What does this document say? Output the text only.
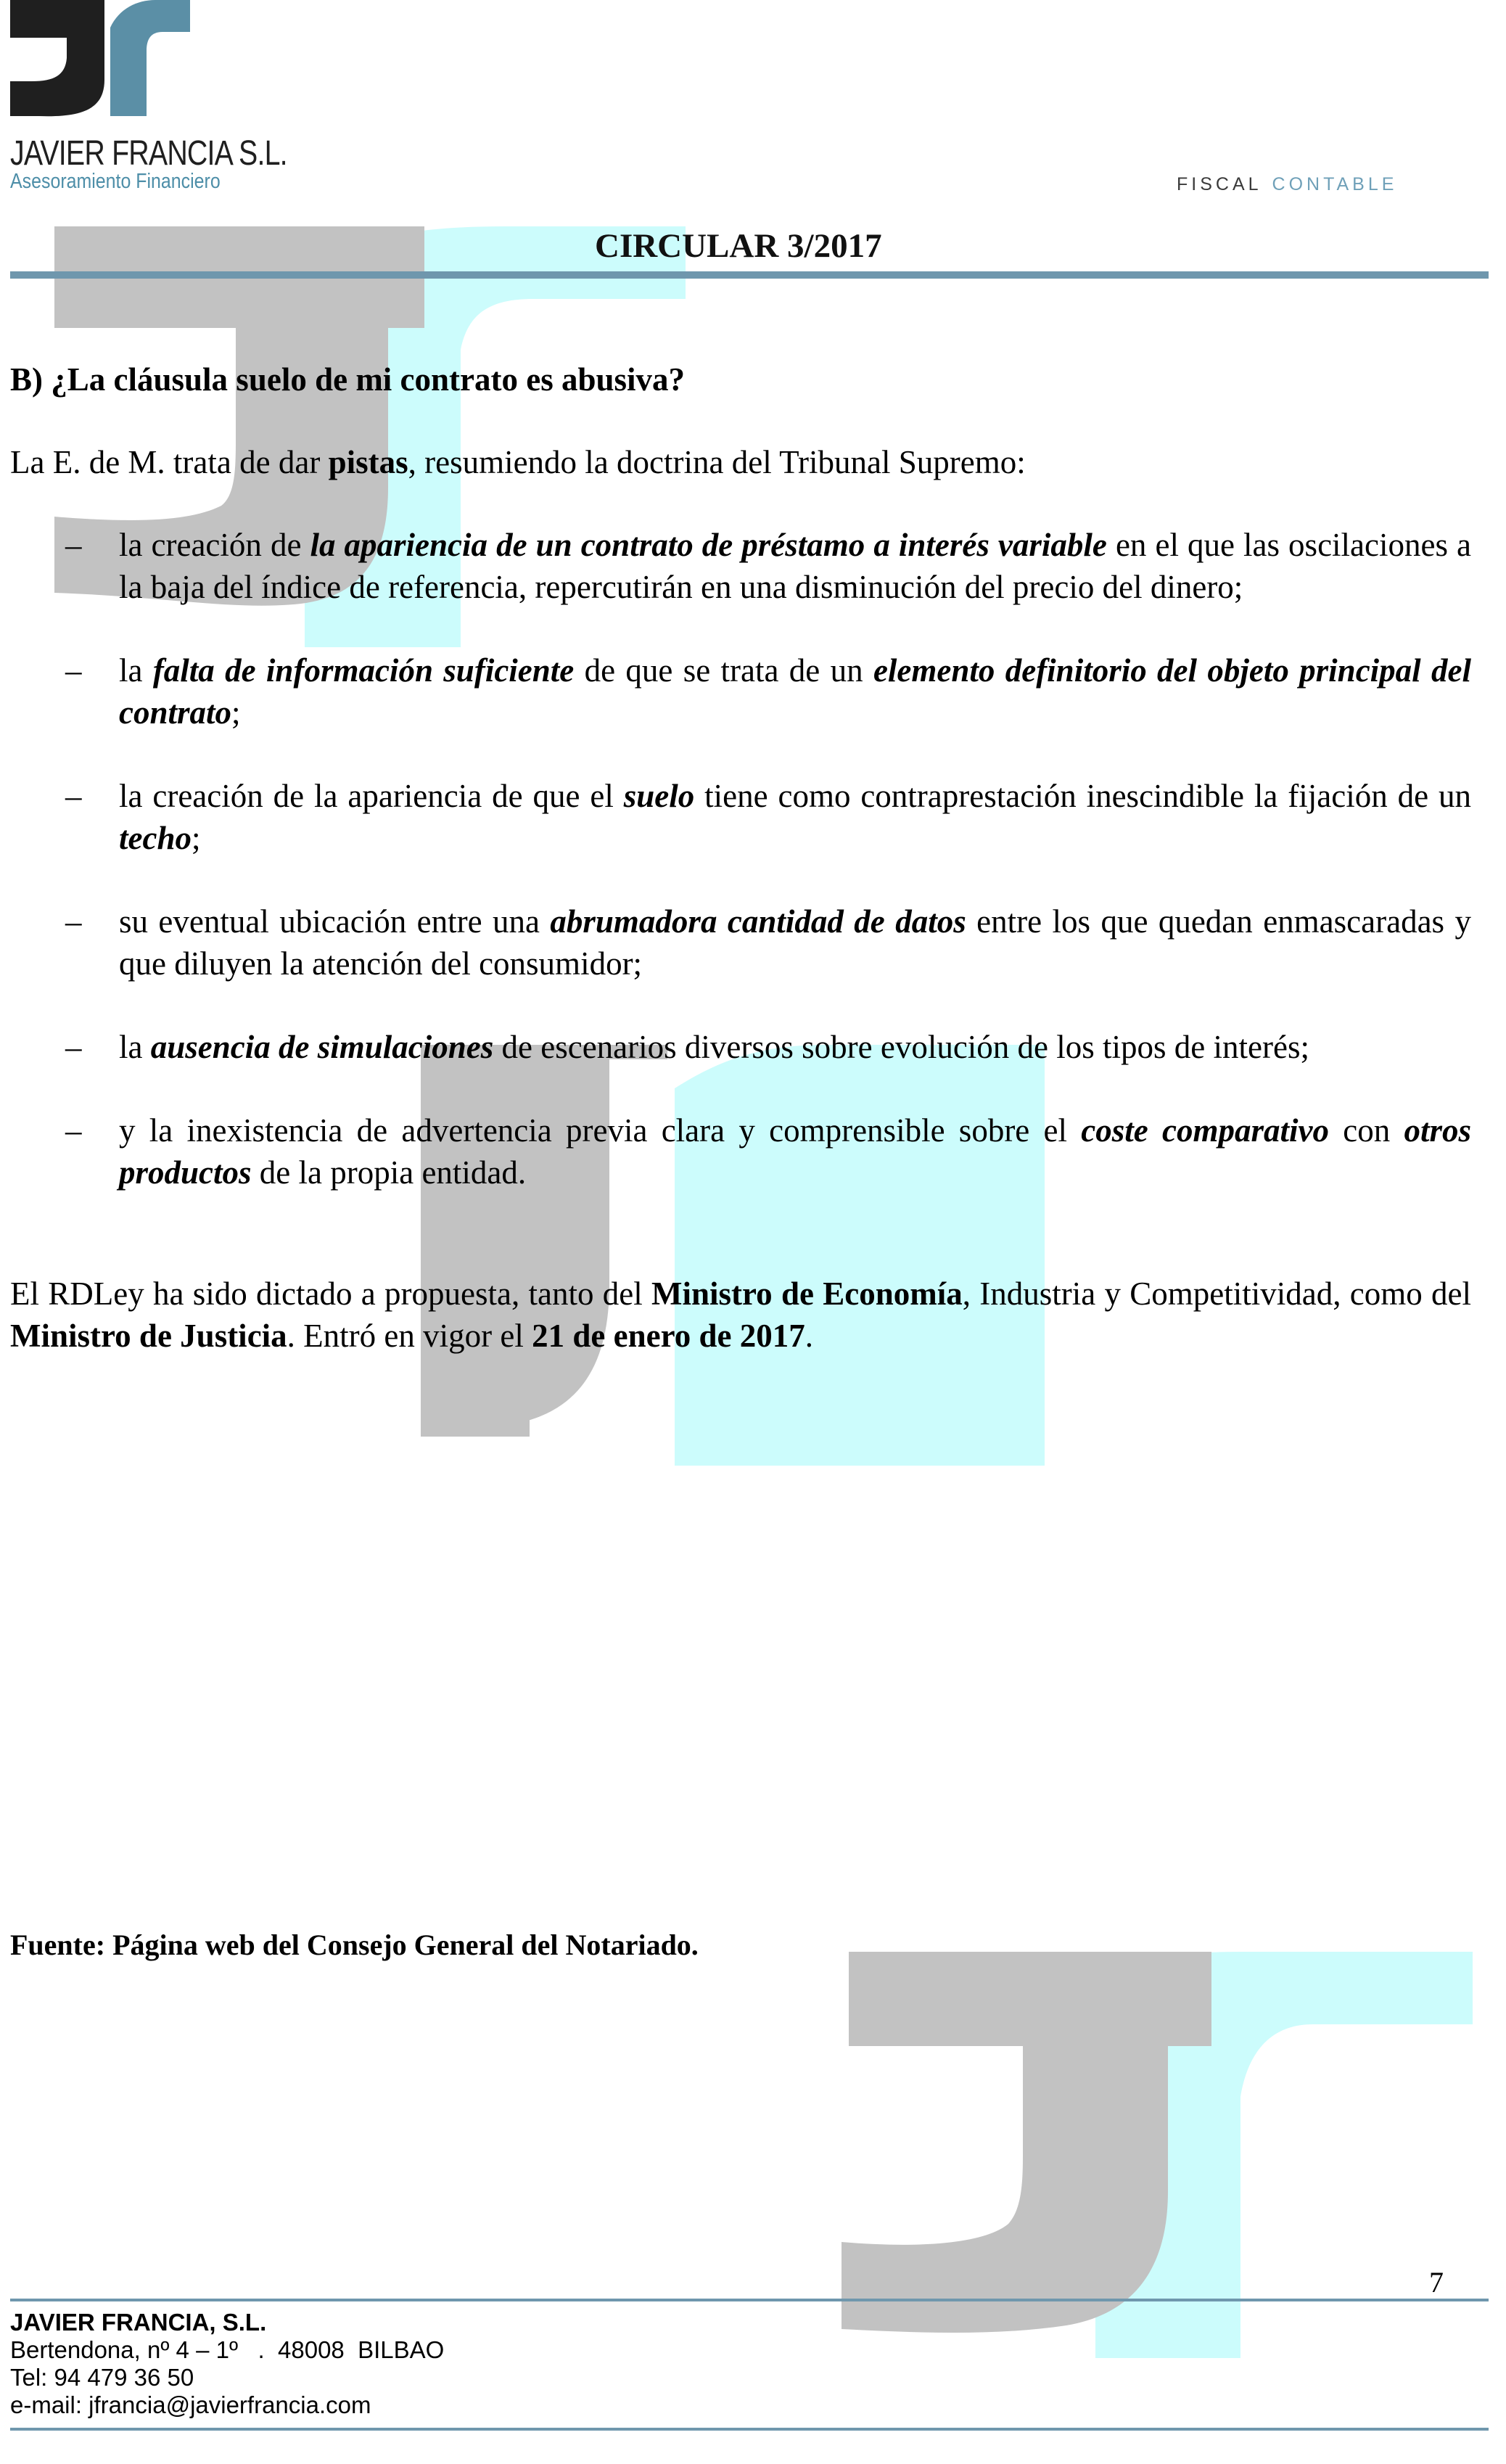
JAVIER FRANCIA S.L.
Asesoramiento Financiero	FISCAL CONTABLE
CIRCULAR 3/2017
B) ¿La cláusula suelo de mi contrato es abusiva?
La E. de M. trata de dar pistas, resumiendo la doctrina del Tribunal Supremo:
– la creación de la apariencia de un contrato de préstamo a interés variable en el que las oscilaciones a la baja del índice de referencia, repercutirán en una disminución del precio del dinero;
– la falta de información suficiente de que se trata de un elemento definitorio del objeto principal del contrato;
– la creación de la apariencia de que el suelo tiene como contraprestación inescindible la fijación de un techo;
– su eventual ubicación entre una abrumadora cantidad de datos entre los que quedan enmascaradas y que diluyen la atención del consumidor;
– la ausencia de simulaciones de escenarios diversos sobre evolución de los tipos de interés;
– y la inexistencia de advertencia previa clara y comprensible sobre el coste comparativo con otros productos de la propia entidad.
El RDLey ha sido dictado a propuesta, tanto del Ministro de Economía, Industria y Competitividad, como del Ministro de Justicia. Entró en vigor el 21 de enero de 2017.
Fuente: Página web del Consejo General del Notariado.
7
JAVIER FRANCIA, S.L.
Bertendona, nº 4 – 1º   .  48008  BILBAO
Tel: 94 479 36 50
e-mail: jfrancia@javierfrancia.com
